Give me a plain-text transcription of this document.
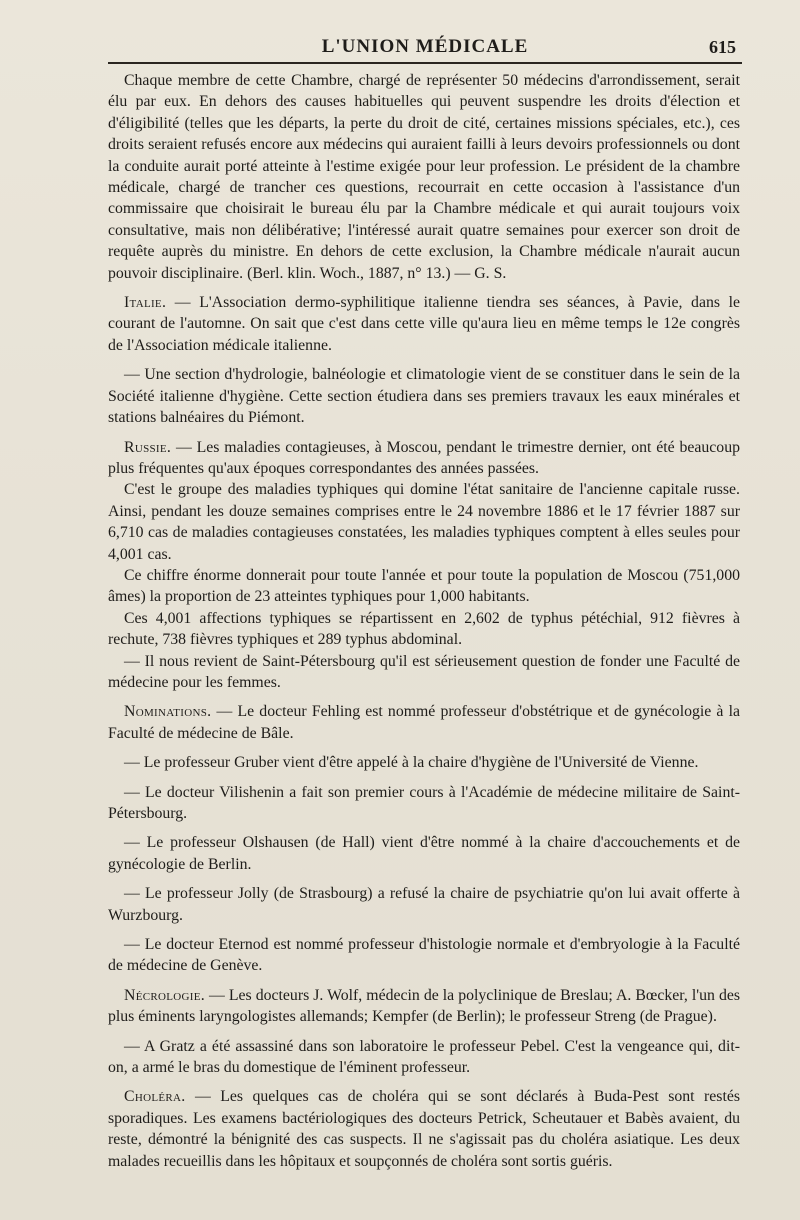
L'UNION MÉDICALE	615

Chaque membre de cette Chambre, chargé de représenter 50 médecins d'arrondissement, serait élu par eux. En dehors des causes habituelles qui peuvent suspendre les droits d'élection et d'éligibilité (telles que les départs, la perte du droit de cité, certaines missions spéciales, etc.), ces droits seraient refusés encore aux médecins qui auraient failli à leurs devoirs professionnels ou dont la conduite aurait porté atteinte à l'estime exigée pour leur profession. Le président de la chambre médicale, chargé de trancher ces questions, recourrait en cette occasion à l'assistance d'un commissaire que choisirait le bureau élu par la Chambre médicale et qui aurait toujours voix consultative, mais non délibérative; l'intéressé aurait quatre semaines pour exercer son droit de requête auprès du ministre. En dehors de cette exclusion, la Chambre médicale n'aurait aucun pouvoir disciplinaire. (Berl. klin. Woch., 1887, n° 13.) — G. S.

Italie. — L'Association dermo-syphilitique italienne tiendra ses séances, à Pavie, dans le courant de l'automne. On sait que c'est dans cette ville qu'aura lieu en même temps le 12e congrès de l'Association médicale italienne.

— Une section d'hydrologie, balnéologie et climatologie vient de se constituer dans le sein de la Société italienne d'hygiène. Cette section étudiera dans ses premiers travaux les eaux minérales et stations balnéaires du Piémont.

Russie. — Les maladies contagieuses, à Moscou, pendant le trimestre dernier, ont été beaucoup plus fréquentes qu'aux époques correspondantes des années passées.

C'est le groupe des maladies typhiques qui domine l'état sanitaire de l'ancienne capitale russe. Ainsi, pendant les douze semaines comprises entre le 24 novembre 1886 et le 17 février 1887 sur 6,710 cas de maladies contagieuses constatées, les maladies typhiques comptent à elles seules pour 4,001 cas.

Ce chiffre énorme donnerait pour toute l'année et pour toute la population de Moscou (751,000 âmes) la proportion de 23 atteintes typhiques pour 1,000 habitants.

Ces 4,001 affections typhiques se répartissent en 2,602 de typhus pétéchial, 912 fièvres à rechute, 738 fièvres typhiques et 289 typhus abdominal.

— Il nous revient de Saint-Pétersbourg qu'il est sérieusement question de fonder une Faculté de médecine pour les femmes.

Nominations. — Le docteur Fehling est nommé professeur d'obstétrique et de gynécologie à la Faculté de médecine de Bâle.

— Le professeur Gruber vient d'être appelé à la chaire d'hygiène de l'Université de Vienne.

— Le docteur Vilishenin a fait son premier cours à l'Académie de médecine militaire de Saint-Pétersbourg.

— Le professeur Olshausen (de Hall) vient d'être nommé à la chaire d'accouchements et de gynécologie de Berlin.

— Le professeur Jolly (de Strasbourg) a refusé la chaire de psychiatrie qu'on lui avait offerte à Wurzbourg.

— Le docteur Eternod est nommé professeur d'histologie normale et d'embryologie à la Faculté de médecine de Genève.

Nécrologie. — Les docteurs J. Wolf, médecin de la polyclinique de Breslau; A. Bœcker, l'un des plus éminents laryngologistes allemands; Kempfer (de Berlin); le professeur Streng (de Prague).

— A Gratz a été assassiné dans son laboratoire le professeur Pebel. C'est la vengeance qui, dit-on, a armé le bras du domestique de l'éminent professeur.

Choléra. — Les quelques cas de choléra qui se sont déclarés à Buda-Pest sont restés sporadiques. Les examens bactériologiques des docteurs Petrick, Scheutauer et Babès avaient, du reste, démontré la bénignité des cas suspects. Il ne s'agissait pas du choléra asiatique. Les deux malades recueillis dans les hôpitaux et soupçonnés de choléra sont sortis guéris.
